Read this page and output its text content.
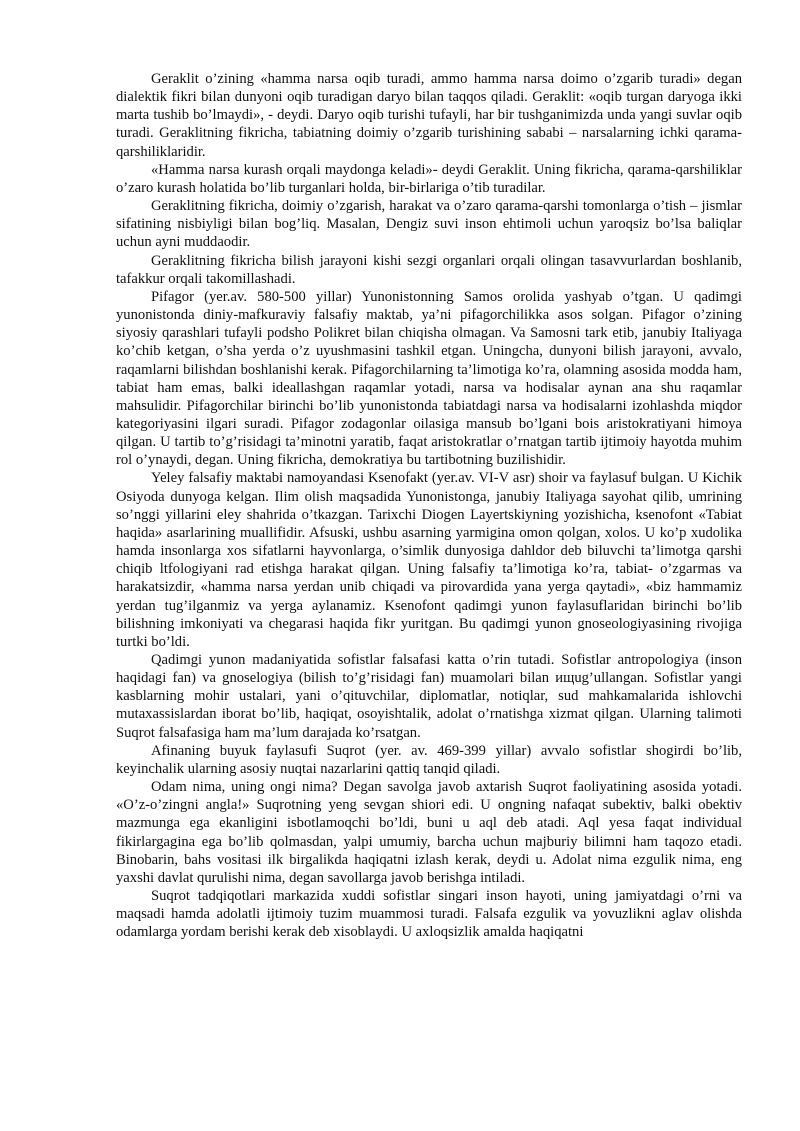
Geraklit o’zining «hamma narsa oqib turadi, ammo hamma narsa doimo o’zgarib turadi» degan dialektik fikri bilan dunyoni oqib turadigan daryo bilan taqqos qiladi. Geraklit: «oqib turgan daryoga ikki marta tushib bo’lmaydi», - deydi. Daryo oqib turishi tufayli, har bir tushganimizda unda yangi suvlar oqib turadi. Geraklitning fikricha, tabiatning doimiy o’zgarib turishining sababi – narsalarning ichki qarama-qarshiliklaridir.

«Hamma narsa kurash orqali maydonga keladi»- deydi Geraklit. Uning fikricha, qarama-qarshiliklar o’zaro kurash holatida bo’lib turganlari holda, bir-birlariga o’tib turadilar.

Geraklitning fikricha, doimiy o’zgarish, harakat va o’zaro qarama-qarshi tomonlarga o’tish – jismlar sifatining nisbiyligi bilan bog’liq. Masalan, Dengiz suvi inson ehtimoli uchun yaroqsiz bo’lsa baliqlar uchun ayni muddaodir.

Geraklitning fikricha bilish jarayoni kishi sezgi organlari orqali olingan tasavvurlardan boshlanib, tafakkur orqali takomillashadi.

Pifagor (yer.av. 580-500 yillar) Yunonistonning Samos orolida yashyab o’tgan. U qadimgi yunonistonda diniy-mafkuraviy falsafiy maktab, ya’ni pifagorchilikka asos solgan. Pifagor o’zining siyosiy qarashlari tufayli podsho Polikret bilan chiqisha olmagan. Va Samosni tark etib, janubiy Italiyaga ko’chib ketgan, o’sha yerda o’z uyushmasini tashkil etgan. Uningcha, dunyoni bilish jarayoni, avvalo, raqamlarni bilishdan boshlanishi kerak. Pifagorchilarning ta’limotiga ko’ra, olamning asosida modda ham, tabiat ham emas, balki ideallashgan raqamlar yotadi, narsa va hodisalar aynan ana shu raqamlar mahsulidir. Pifagorchilar birinchi bo’lib yunonistonda tabiatdagi narsa va hodisalarni izohlashda miqdor kategoriyasini ilgari suradi. Pifagor zodagonlar oilasiga mansub bo’lgani bois aristokratiyani himoya qilgan. U tartib to’g’risidagi ta’minotni yaratib, faqat aristokratlar o’rnatgan tartib ijtimoiy hayotda muhim rol o’ynaydi, degan. Uning fikricha, demokratiya bu tartibotning buzilishidir.

Yeley falsafiy maktabi namoyandasi Ksenofakt (yer.av. VI-V asr) shoir va faylasuf bulgan. U Kichik Osiyoda dunyoga kelgan. Ilim olish maqsadida Yunonistonga, janubiy Italiyaga sayohat qilib, umrining so’nggi yillarini eley shahrida o’tkazgan. Tarixchi Diogen Layertskiyning yozishicha, ksenofont «Tabiat haqida» asarlarining muallifidir. Afsuski, ushbu asarning yarmigina omon qolgan, xolos. U ko’p xudolika hamda insonlarga xos sifatlarni hayvonlarga, o’simlik dunyosiga dahldor deb biluvchi ta’limotga qarshi chiqib ltfologiyani rad etishga harakat qilgan. Uning falsafiy ta’limotiga ko’ra, tabiat- o’zgarmas va harakatsizdir, «hamma narsa yerdan unib chiqadi va pirovardida yana yerga qaytadi», «biz hammamiz yerdan tug’ilganmiz va yerga aylanamiz. Ksenofont qadimgi yunon faylasuflaridan birinchi bo’lib bilishning imkoniyati va chegarasi haqida fikr yuritgan. Bu qadimgi yunon gnoseologiyasining rivojiga turtki bo’ldi.

Qadimgi yunon madaniyatida sofistlar falsafasi katta o’rin tutadi. Sofistlar antropologiya (inson haqidagi fan) va gnoselogiya (bilish to’g’risidagi fan) muamolari bilan ищug’ullangan. Sofistlar yangi kasblarning mohir ustalari, yani o’qituvchilar, diplomatlar, notiqlar, sud mahkamalarida ishlovchi mutaxassislardan iborat bo’lib, haqiqat, osoyishtalik, adolat o’rnatishga xizmat qilgan. Ularning talimoti Suqrot falsafasiga ham ma’lum darajada ko’rsatgan.

Afinaning buyuk faylasufi Suqrot (yer. av. 469-399 yillar) avvalo sofistlar shogirdi bo’lib, keyinchalik ularning asosiy nuqtai nazarlarini qattiq tanqid qiladi.

Odam nima, uning ongi nima? Degan savolga javob axtarish Suqrot faoliyatining asosida yotadi. «O’z-o’zingni angla!» Suqrotning yeng sevgan shiori edi. U ongning nafaqat subektiv, balki obektiv mazmunga ega ekanligini isbotlamoqchi bo’ldi, buni u aql deb atadi. Aql yesa faqat individual fikirlargagina ega bo’lib qolmasdan, yalpi umumiy, barcha uchun majburiy bilimni ham taqozo etadi. Binobarin, bahs vositasi ilk birgalikda haqiqatni izlash kerak, deydi u. Adolat nima ezgulik nima, eng yaxshi davlat qurulishi nima, degan savollarga javob berishga intiladi.

Suqrot tadqiqotlari markazida xuddi sofistlar singari inson hayoti, uning jamiyatdagi o’rni va maqsadi hamda adolatli ijtimoiy tuzim muammosi turadi. Falsafa ezgulik va yovuzlikni aglav olishda odamlarga yordam berishi kerak deb xisoblaydi. U axloqsizlik amalda haqiqatni
